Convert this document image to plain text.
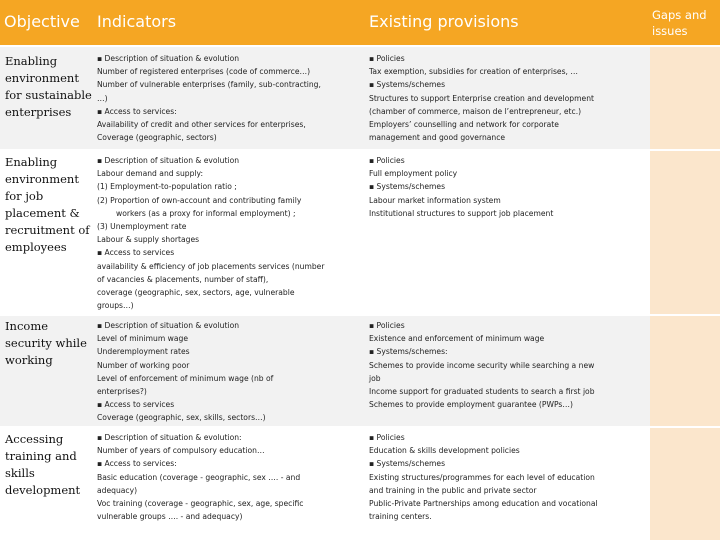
Objective Indicators	Existing provisions	Gaps and
issues
Enabling
environment
for sustainable
enterprises
▪ Description of situation & evolution
Number of registered enterprises (code of commerce…)
Number of vulnerable enterprises (family, sub-contracting,
…)
▪ Access to services:
Availability of credit and other services for enterprises,
Coverage (geographic, sectors)
▪ Policies
Tax exemption, subsidies for creation of enterprises, …
▪ Systems/schemes
Structures to support Enterprise creation and development
(chamber of commerce, maison de l’entrepreneur, etc.)
Employers’ counselling and network for corporate
management and good governance
Enabling
environment
for job
placement &
recruitment of
employees
▪ Description of situation & evolution
Labour demand and supply:
(1) Employment-to-population ratio ;
(2) Proportion of own-account and contributing family
workers (as a proxy for informal employment) ;
(3) Unemployment rate
Labour & supply shortages
▪ Access to services
availability & efficiency of job placements services (number
of vacancies & placements, number of staff),
coverage (geographic, sex, sectors, age, vulnerable
groups…)
▪ Policies
Full employment policy
▪ Systems/schemes
Labour market information system
Institutional structures to support job placement
Income
security while
working
▪ Description of situation & evolution
Level of minimum wage
Underemployment rates
Number of working poor
Level of enforcement of minimum wage (nb of
enterprises?)
▪ Access to services
Coverage (geographic, sex, skills, sectors…)
▪ Policies
Existence and enforcement of minimum wage
▪ Systems/schemes:
Schemes to provide income security while searching a new
job
Income support for graduated students to search a first job
Schemes to provide employment guarantee (PWPs…)
Accessing
training and
skills
development
▪ Description of situation & evolution:
Number of years of compulsory education…
▪ Access to services:
Basic education (coverage - geographic, sex …. - and
adequacy)
Voc training (coverage - geographic, sex, age, specific
vulnerable groups …. - and adequacy)
▪ Policies
Education & skills development policies
▪ Systems/schemes
Existing structures/programmes for each level of education
and training in the public and private sector
Public-Private Partnerships among education and vocational
training centers.
